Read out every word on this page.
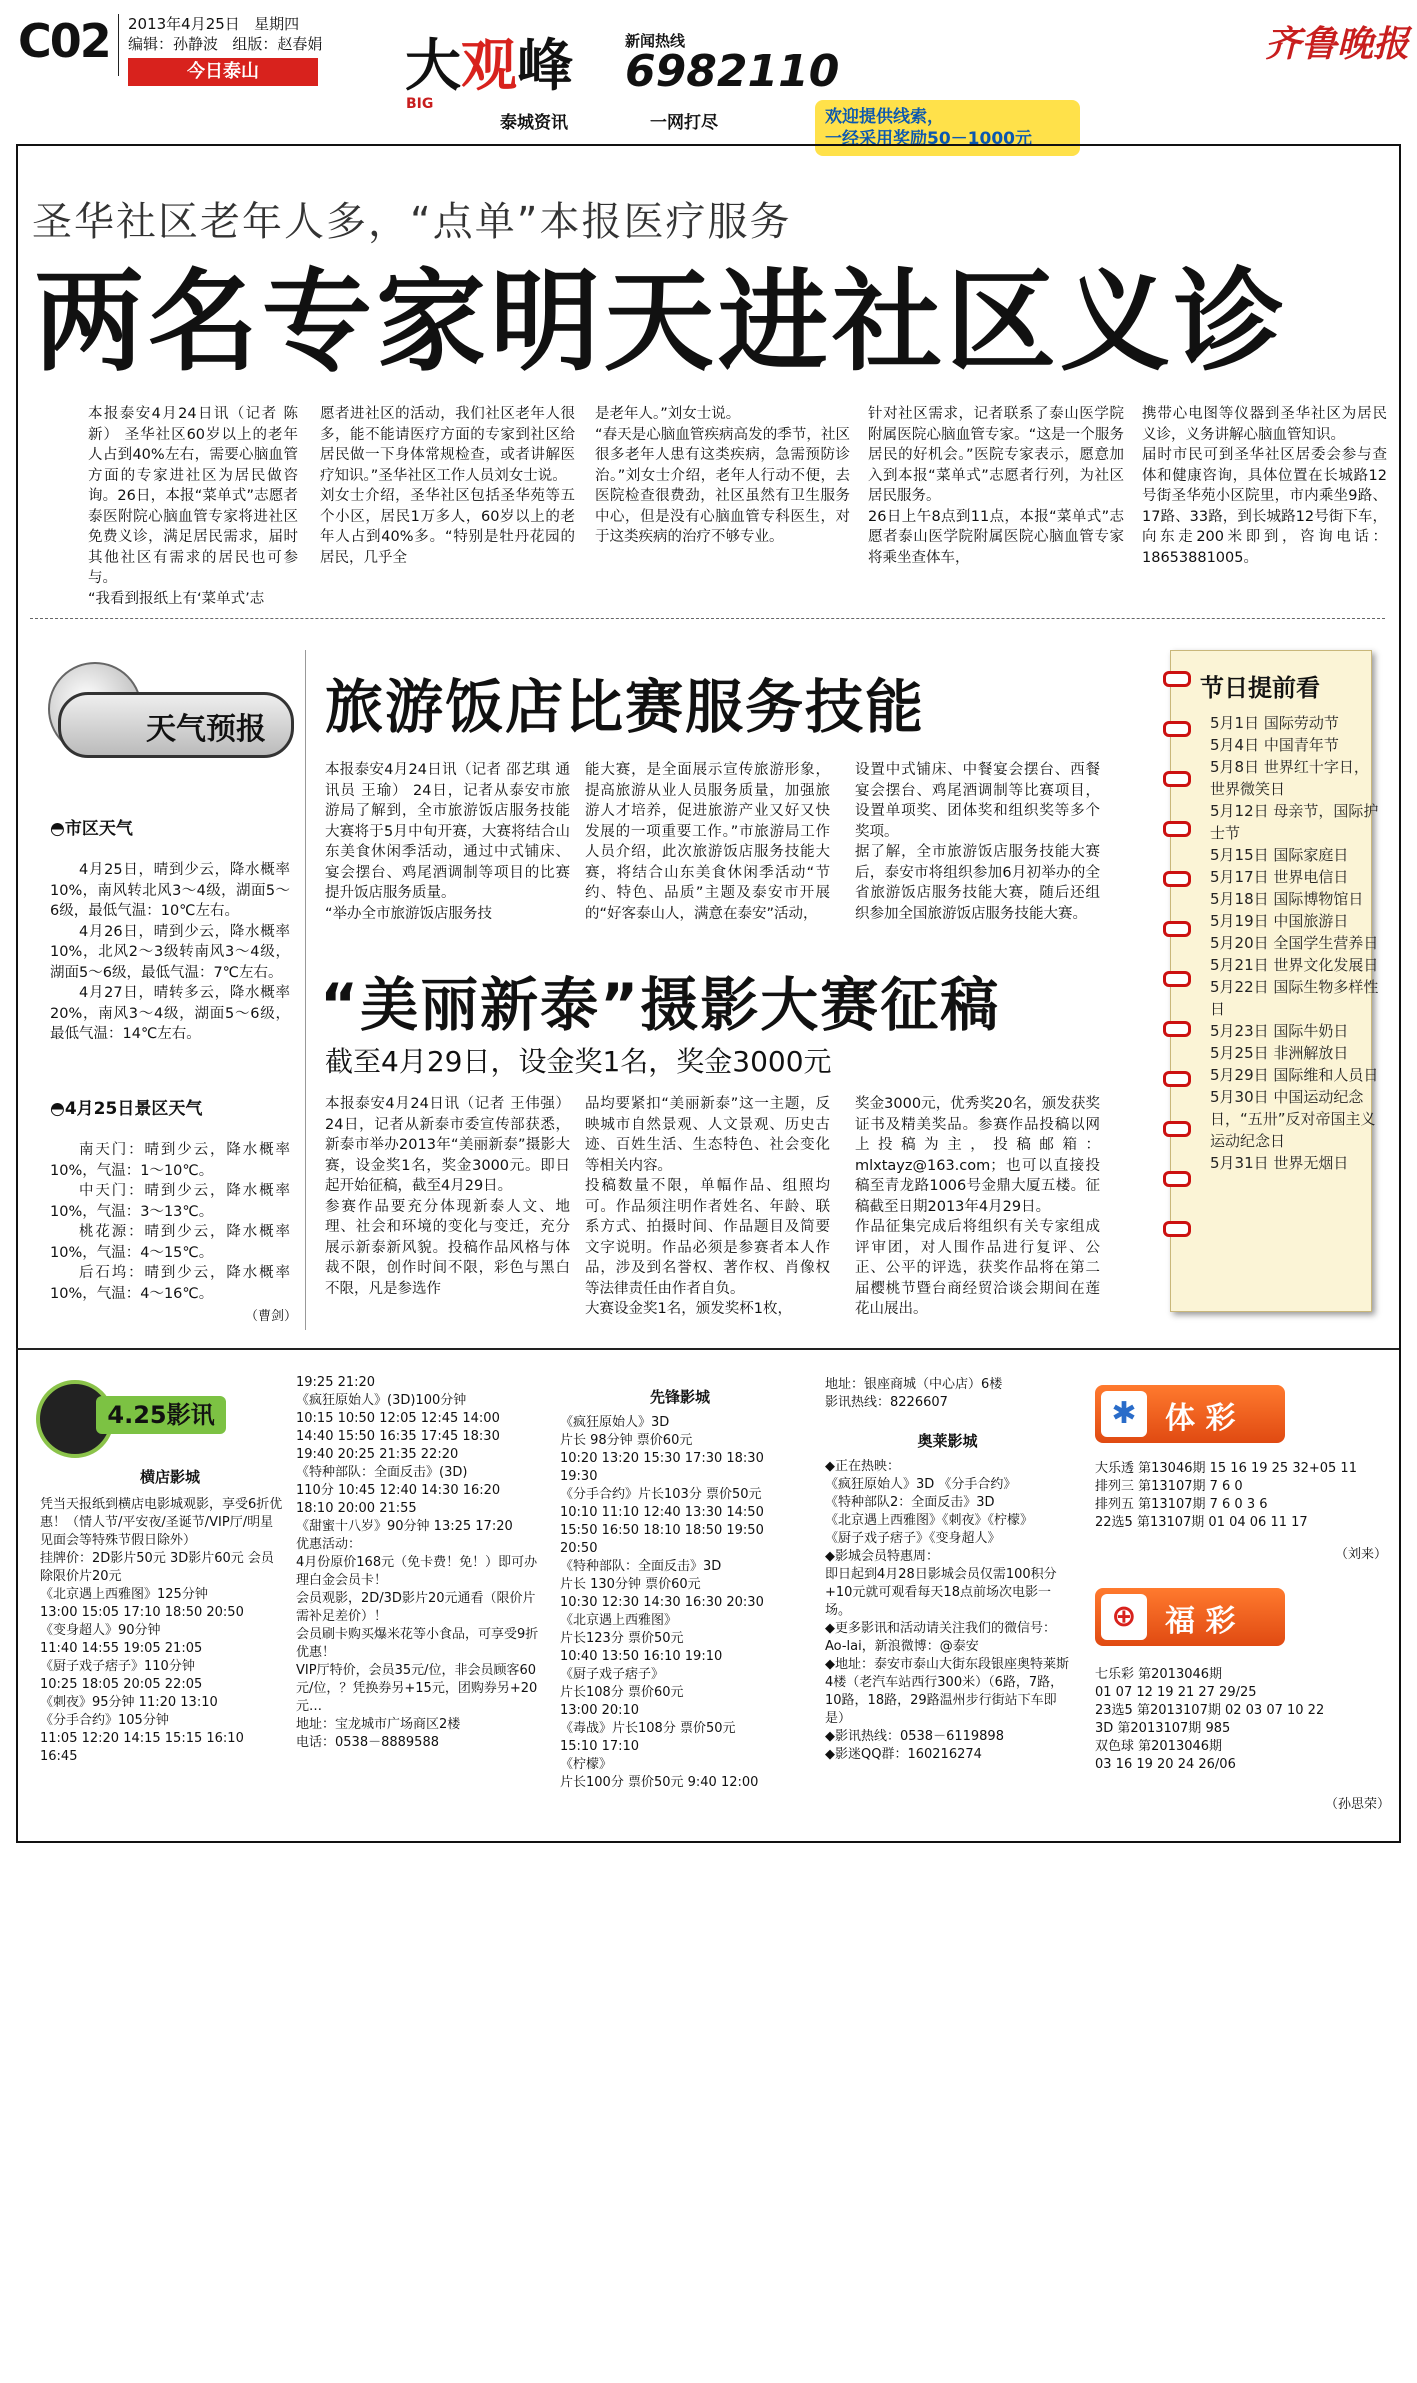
C02 2013年4月25日 星期四
编辑：孙静波 组版：赵春娟
今日泰山	大观峰
BIG
新闻热线
6982110
泰城资讯	一网打尽	欢迎提供线索，
一经采用奖励50－1000元
齐鲁晚报
圣华社区老年人多，“点单”本报医疗服务
两名专家明天进社区义诊
本报泰安4月24日讯（记者 陈新） 圣华社区60岁以上的老年人占到40%左右，需要心脑血管方面的专家进社区为居民做咨询。26日，本报“菜单式”志愿者泰医附院心脑血管专家将进社区免费义诊，满足居民需求，届时其他社区有需求的居民也可参与。
“我看到报纸上有‘菜单式’志
愿者进社区的活动，我们社区老年人很多，能不能请医疗方面的专家到社区给居民做一下身体常规检查，或者讲解医疗知识。”圣华社区工作人员刘女士说。
刘女士介绍，圣华社区包括圣华苑等五个小区，居民1万多人，60岁以上的老年人占到40%多。“特别是牡丹花园的居民，几乎全
是老年人。”刘女士说。
“春天是心脑血管疾病高发的季节，社区很多老年人患有这类疾病，急需预防诊治。”刘女士介绍，老年人行动不便，去医院检查很费劲，社区虽然有卫生服务中心，但是没有心脑血管专科医生，对于这类疾病的治疗不够专业。
针对社区需求，记者联系了泰山医学院附属医院心脑血管专家。“这是一个服务居民的好机会。”医院专家表示，愿意加入到本报“菜单式”志愿者行列，为社区居民服务。
26日上午8点到11点，本报“菜单式”志愿者泰山医学院附属医院心脑血管专家将乘坐查体车，
携带心电图等仪器到圣华社区为居民义诊，义务讲解心脑血管知识。
届时市民可到圣华社区居委会参与查体和健康咨询，具体位置在长城路12号街圣华苑小区院里，市内乘坐9路、17路、33路，到长城路12号街下车，向东走200米即到，咨询电话：18653881005。
天气预报
◓市区天气

4月25日，晴到少云，降水概率10%，南风转北风3～4级，湖面5～6级，最低气温：10℃左右。

4月26日，晴到少云，降水概率10%，北风2～3级转南风3～4级，湖面5～6级，最低气温：7℃左右。

4月27日，晴转多云，降水概率20%，南风3～4级，湖面5～6级，最低气温：14℃左右。

◓4月25日景区天气

南天门：晴到少云，降水概率10%，气温：1～10℃。

中天门：晴到少云，降水概率10%，气温：3～13℃。

桃花源：晴到少云，降水概率10%，气温：4～15℃。

后石坞：晴到少云，降水概率10%，气温：4～16℃。

（曹剑）
旅游饭店比赛服务技能
本报泰安4月24日讯（记者 邵艺琪 通讯员 王瑜） 24日，记者从泰安市旅游局了解到，全市旅游饭店服务技能大赛将于5月中旬开赛，大赛将结合山东美食休闲季活动，通过中式铺床、宴会摆台、鸡尾酒调制等项目的比赛提升饭店服务质量。
“举办全市旅游饭店服务技
能大赛，是全面展示宣传旅游形象，提高旅游从业人员服务质量，加强旅游人才培养，促进旅游产业又好又快发展的一项重要工作。”市旅游局工作人员介绍，此次旅游饭店服务技能大赛，将结合山东美食休闲季活动“节约、特色、品质”主题及泰安市开展的“好客泰山人，满意在泰安”活动，
设置中式铺床、中餐宴会摆台、西餐宴会摆台、鸡尾酒调制等比赛项目，设置单项奖、团体奖和组织奖等多个奖项。
据了解，全市旅游饭店服务技能大赛后，泰安市将组织参加6月初举办的全省旅游饭店服务技能大赛，随后还组织参加全国旅游饭店服务技能大赛。
节日提前看
5月1日 国际劳动节
5月4日 中国青年节
5月8日 世界红十字日，世界微笑日
5月12日 母亲节，国际护士节
5月15日 国际家庭日
5月17日 世界电信日
5月18日 国际博物馆日
5月19日 中国旅游日
5月20日 全国学生营养日
5月21日 世界文化发展日
5月22日 国际生物多样性日
5月23日 国际牛奶日
5月25日 非洲解放日
5月29日 国际维和人员日
5月30日 中国运动纪念日，“五卅”反对帝国主义运动纪念日
5月31日 世界无烟日
“美丽新泰”摄影大赛征稿
截至4月29日，设金奖1名，奖金3000元
本报泰安4月24日讯（记者 王伟强） 24日，记者从新泰市委宣传部获悉，新泰市举办2013年“美丽新泰”摄影大赛，设金奖1名，奖金3000元。即日起开始征稿，截至4月29日。
参赛作品要充分体现新泰人文、地理、社会和环境的变化与变迁，充分展示新泰新风貌。投稿作品风格与体裁不限，创作时间不限，彩色与黑白不限，凡是参选作
品均要紧扣“美丽新泰”这一主题，反映城市自然景观、人文景观、历史古迹、百姓生活、生态特色、社会变化等相关内容。
投稿数量不限，单幅作品、组照均可。作品须注明作者姓名、年龄、联系方式、拍摄时间、作品题目及简要文字说明。作品必须是参赛者本人作品，涉及到名誉权、著作权、肖像权等法律责任由作者自负。
大赛设金奖1名，颁发奖杯1枚，
奖金3000元，优秀奖20名，颁发获奖证书及精美奖品。参赛作品投稿以网上投稿为主，投稿邮箱：mlxtayz@163.com；也可以直接投稿至青龙路1006号金鼎大厦五楼。征稿截至日期2013年4月29日。
作品征集完成后将组织有关专家组成评审团，对人围作品进行复评、公正、公平的评选，获奖作品将在第二届樱桃节暨台商经贸洽谈会期间在莲花山展出。
4.25影讯
横店影城
凭当天报纸到横店电影城观影，享受6折优惠！（情人节/平安夜/圣诞节/VIP厅/明星见面会等特殊节假日除外）
挂牌价：2D影片50元 3D影片60元 会员除限价片20元
《北京遇上西雅图》125分钟
13:00 15:05 17:10 18:50 20:50
《变身超人》90分钟
11:40 14:55 19:05 21:05
《厨子戏子痞子》110分钟
10:25 18:05 20:05 22:05
《刺夜》95分钟 11:20 13:10
《分手合约》105分钟
11:05 12:20 14:15 15:15 16:10 16:45
19:25 21:20
《疯狂原始人》(3D)100分钟
10:15 10:50 12:05 12:45 14:00 14:40 15:50 16:35 17:45 18:30 19:40 20:25 21:35 22:20
《特种部队：全面反击》(3D)
110分 10:45 12:40 14:30 16:20 18:10 20:00 21:55
《甜蜜十八岁》90分钟 13:25 17:20
优惠活动：
4月份原价168元（免卡费！免！）即可办理白金会员卡！
会员观影，2D/3D影片20元通看（限价片需补足差价）！
会员刷卡购买爆米花等小食品，可享受9折优惠！
VIP厅特价，会员35元/位，非会员顾客60元/位，？凭换券另+15元，团购券另+20元…
地址：宝龙城市广场商区2楼
电话：0538－8889588
先锋影城
《疯狂原始人》3D
片长 98分钟 票价60元
10:20 13:20 15:30 17:30 18:30 19:30
《分手合约》片长103分 票价50元
10:10 11:10 12:40 13:30 14:50 15:50 16:50 18:10 18:50 19:50 20:50
《特种部队：全面反击》3D
片长 130分钟 票价60元
10:30 12:30 14:30 16:30 20:30
《北京遇上西雅图》
片长123分 票价50元
10:40 13:50 16:10 19:10
《厨子戏子痞子》
片长108分 票价60元
13:00 20:10
《毒战》片长108分 票价50元
15:10 17:10
《柠檬》
片长100分 票价50元 9:40 12:00
地址：银座商城（中心店）6楼
影讯热线：8226607
奥莱影城
◆正在热映：
《疯狂原始人》3D 《分手合约》
《特种部队2：全面反击》3D
《北京遇上西雅图》《刺夜》《柠檬》
《厨子戏子痞子》《变身超人》
◆影城会员特惠周：
即日起到4月28日影城会员仅需100积分+10元就可观看每天18点前场次电影一场。
◆更多影讯和活动请关注我们的微信号：Ao-lai，新浪微博：@泰安
◆地址：泰安市泰山大街东段银座奥特莱斯4楼（老汽车站西行300米）（6路，7路，10路，18路，29路温州步行街站下车即是）
◆影讯热线：0538－6119898
◆影迷QQ群：160216274
✱ 体 彩
大乐透 第13046期 15 16 19 25 32+05 11
排列三 第13107期 7 6 0
排列五 第13107期 7 6 0 3 6
22选5 第13107期 01 04 06 11 17
（刘来）
⊕ 福 彩
七乐彩 第2013046期
01 07 12 19 21 27 29/25
23选5 第2013107期 02 03 07 10 22
3D 第2013107期 985
双色球 第2013046期
03 16 19 20 24 26/06
（孙思荣）
